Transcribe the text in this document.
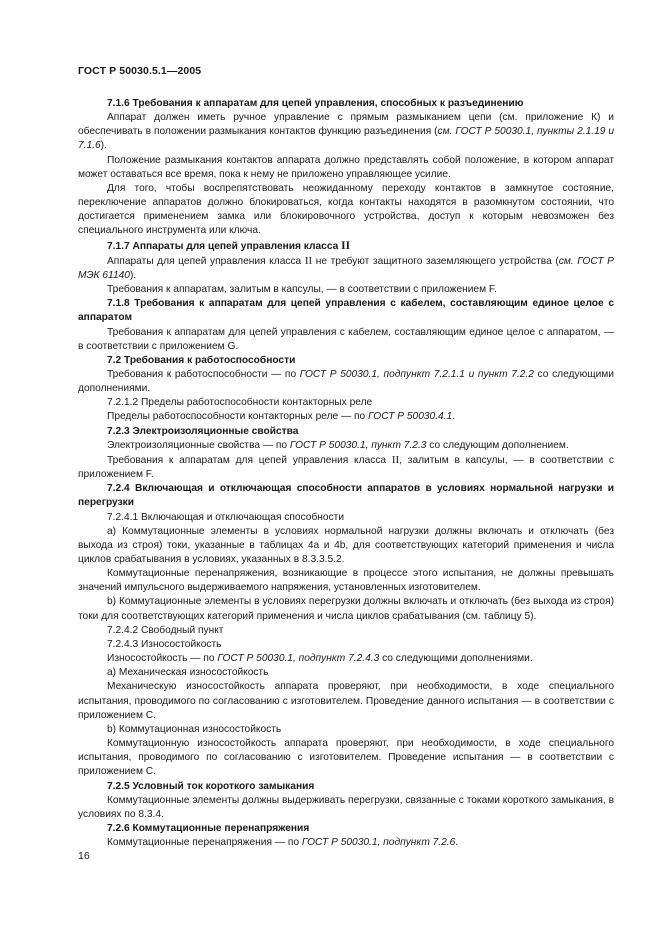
ГОСТ Р 50030.5.1—2005

7.1.6 Требования к аппаратам для цепей управления, способных к разъединению

Аппарат должен иметь ручное управление с прямым размыканием цепи (см. приложение К) и обеспечивать в положении размыкания контактов функцию разъединения (см. ГОСТ Р 50030.1, пункты 2.1.19 и 7.1.6).

Положение размыкания контактов аппарата должно представлять собой положение, в котором аппарат может оставаться все время, пока к нему не приложено управляющее усилие.

Для того, чтобы воспрепятствовать неожиданному переходу контактов в замкнутое состояние, переключение аппаратов должно блокироваться, когда контакты находятся в разомкнутом состоянии, что достигается применением замка или блокировочного устройства, доступ к которым невозможен без специального инструмента или ключа.

7.1.7 Аппараты для цепей управления класса II

Аппараты для цепей управления класса II не требуют защитного заземляющего устройства (см. ГОСТ Р МЭК 61140).

Требования к аппаратам, залитым в капсулы, — в соответствии с приложением F.

7.1.8 Требования к аппаратам для цепей управления с кабелем, составляющим единое целое с аппаратом

Требования к аппаратам для цепей управления с кабелем, составляющим единое целое с аппаратом, — в соответствии с приложением G.

7.2 Требования к работоспособности

Требования к работоспособности — по ГОСТ Р 50030.1, подпункт 7.2.1.1 и пункт 7.2.2 со следующими дополнениями.

7.2.1.2 Пределы работоспособности контакторных реле

Пределы работоспособности контакторных реле — по ГОСТ Р 50030.4.1.

7.2.3 Электроизоляционные свойства

Электроизоляционные свойства — по ГОСТ Р 50030.1, пункт 7.2.3 со следующим дополнением.

Требования к аппаратам для цепей управления класса II, залитым в капсулы, — в соответствии с приложением F.

7.2.4 Включающая и отключающая способности аппаратов в условиях нормальной нагрузки и перегрузки

7.2.4.1 Включающая и отключающая способности

а) Коммутационные элементы в условиях нормальной нагрузки должны включать и отключать (без выхода из строя) токи, указанные в таблицах 4а и 4b, для соответствующих категорий применения и числа циклов срабатывания в условиях, указанных в 8.3.3.5.2.

Коммутационные перенапряжения, возникающие в процессе этого испытания, не должны превышать значений импульсного выдерживаемого напряжения, установленных изготовителем.

b) Коммутационные элементы в условиях перегрузки должны включать и отключать (без выхода из строя) токи для соответствующих категорий применения и числа циклов срабатывания (см. таблицу 5).

7.2.4.2 Свободный пункт

7.2.4.3 Износостойкость

Износостойкость — по ГОСТ Р 50030.1, подпункт 7.2.4.3 со следующими дополнениями.

а) Механическая износостойкость

Механическую износостойкость аппарата проверяют, при необходимости, в ходе специального испытания, проводимого по согласованию с изготовителем. Проведение данного испытания — в соответствии с приложением С.

b) Коммутационная износостойкость

Коммутационную износостойкость аппарата проверяют, при необходимости, в ходе специального испытания, проводимого по согласованию с изготовителем. Проведение испытания — в соответствии с приложением С.

7.2.5 Условный ток короткого замыкания

Коммутационные элементы должны выдерживать перегрузки, связанные с токами короткого замыкания, в условиях по 8.3.4.

7.2.6 Коммутационные перенапряжения

Коммутационные перенапряжения — по ГОСТ Р 50030.1, подпункт 7.2.6.

16
